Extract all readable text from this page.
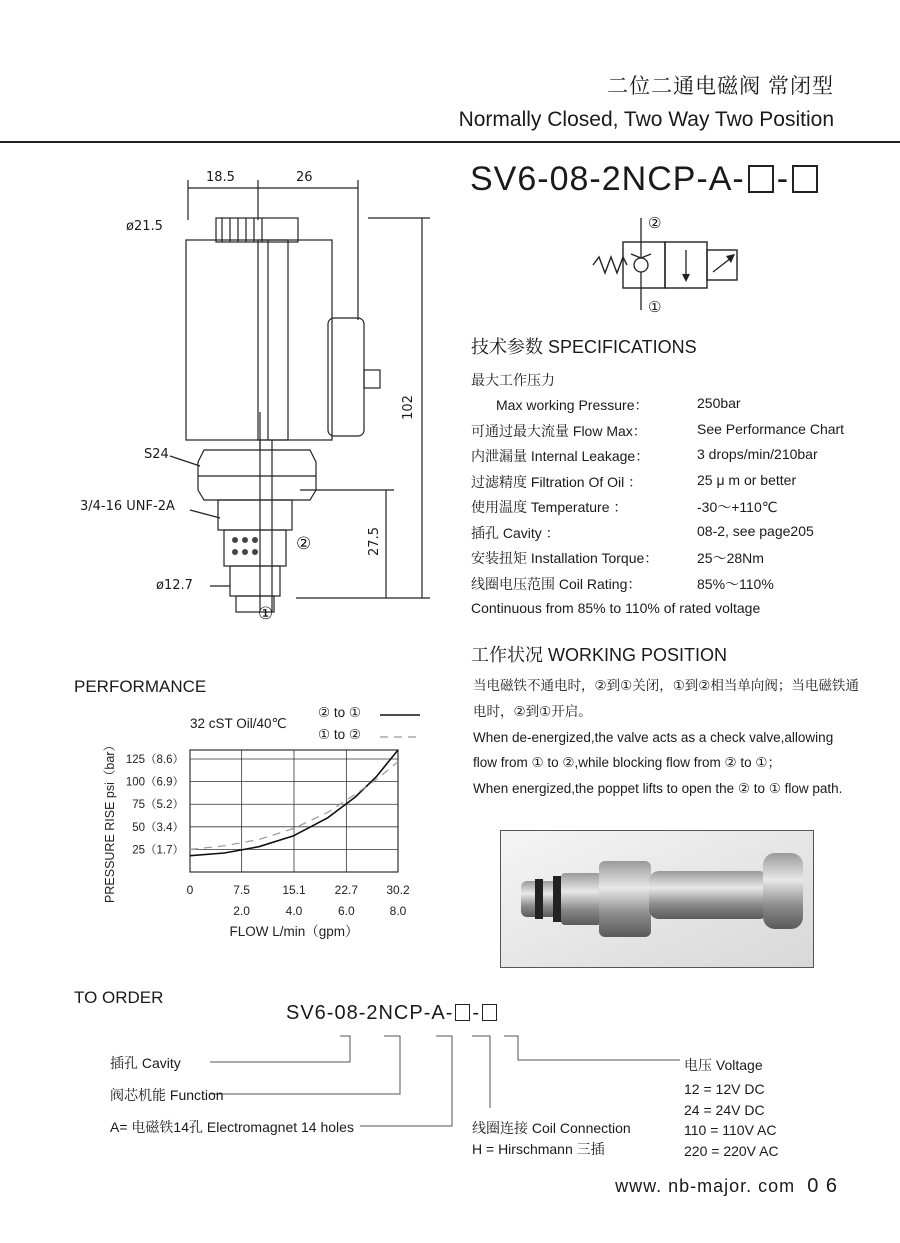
二位二通电磁阀 常闭型
Normally Closed, Two Way Two Position
SV6-08-2NCP-A- -
②
①
18.5	26
ø21.5
102
S24
3/4-16 UNF-2A
27.5
ø12.7
②
①
技术参数 SPECIFICATIONS
最大工作压力
Max working Pressure：	250bar
可通过最大流量 Flow Max：	See Performance Chart
内泄漏量 Internal Leakage：	3 drops/min/210bar
过滤精度 Filtration Of Oil ：	25 μ m or better
使用温度 Temperature ：	-30～+110℃
插孔 Cavity ：	08-2, see page205
安装扭矩 Installation Torque：	25～28Nm
线圈电压范围 Coil Rating：	85%～110%
Continuous from 85% to 110% of rated voltage
工作状况 WORKING POSITION
当电磁铁不通电时，②到①关闭，①到②相当单向阀；当电磁铁通
电时，②到①开启。
When de-energized,the valve acts as a check valve,allowing
flow from ① to ②,while blocking flow from ② to ①；
When energized,the poppet lifts to open the ② to ① flow path.
PERFORMANCE
32 cST Oil/40℃
② to ①
① to ②
0	7.5
2.0
15.1
4.0
22.7
6.0
30.2
8.0
125（8.6）
100（6.9）
75（5.2）
50（3.4）
25（1.7）
FLOW L/min（gpm）
PRESSURE RISE psi（bar）
TO ORDER
SV6-08-2NCP-A- -
插孔 Cavity
阀芯机能 Function
A= 电磁铁14孔 Electromagnet 14 holes	线圈连接 Coil Connection
H = Hirschmann 三插
电压 Voltage
12 = 12V DC
24 = 24V DC
110 = 110V AC
220 = 220V AC
www. nb-major. com 0 6
